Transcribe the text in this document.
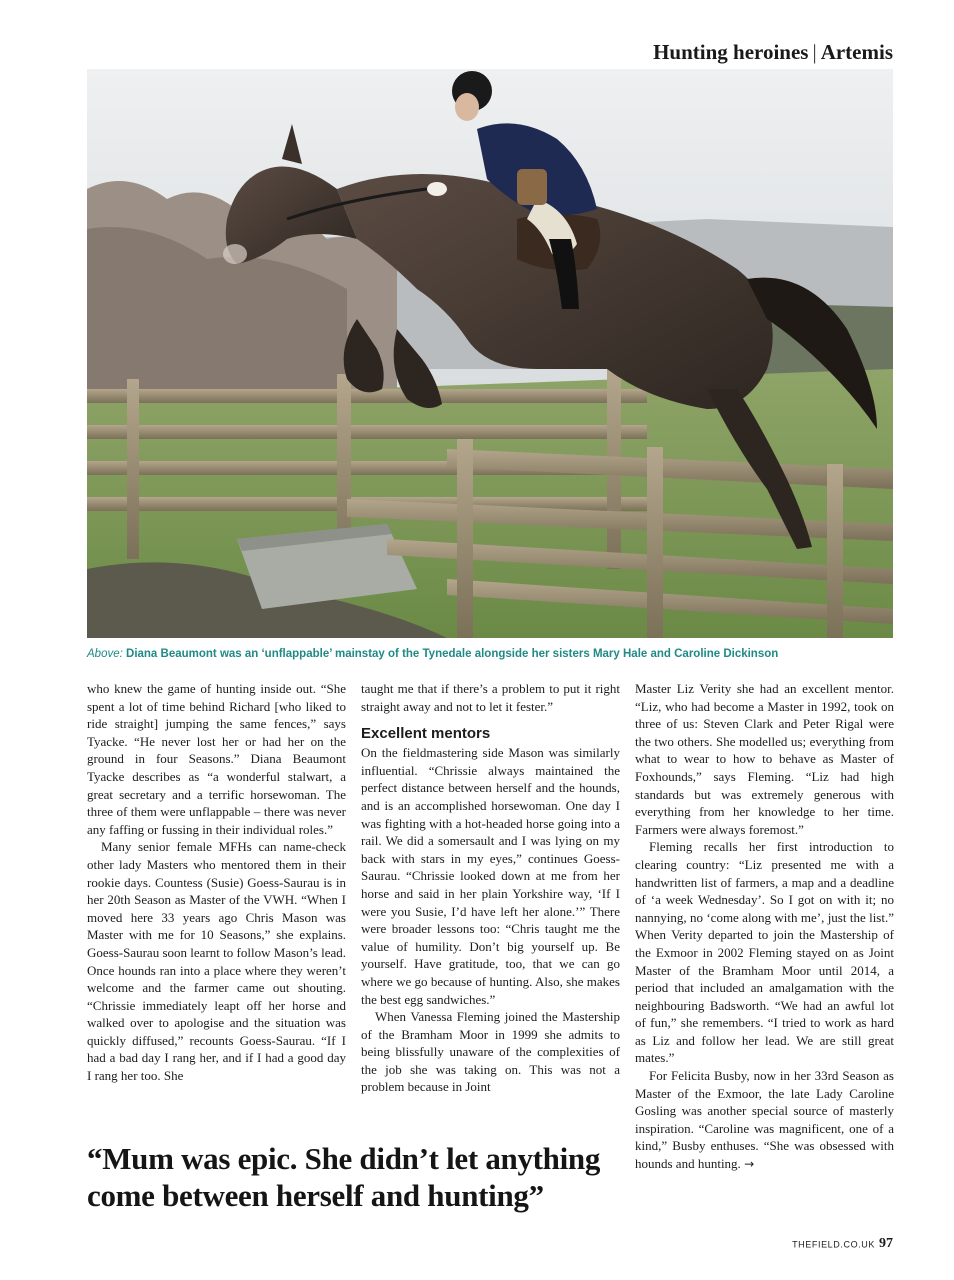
Hunting heroines | Artemis
Above: Diana Beaumont was an ‘unflappable’ mainstay of the Tynedale alongside her sisters Mary Hale and Caroline Dickinson

who knew the game of hunting inside out. “She spent a lot of time behind Richard [who liked to ride straight] jumping the same fences,” says Tyacke. “He never lost her or had her on the ground in four Seasons.” Diana Beaumont Tyacke describes as “a wonderful stalwart, a great secretary and a terrific horsewoman. The three of them were unflappable – there was never any faffing or fussing in their individual roles.”

Many senior female MFHs can name-check other lady Masters who mentored them in their rookie days. Countess (Susie) Goess-Saurau is in her 20th Season as Master of the VWH. “When I moved here 33 years ago Chris Mason was Master with me for 10 Seasons,” she explains. Goess-Saurau soon learnt to follow Mason’s lead. Once hounds ran into a place where they weren’t welcome and the farmer came out shouting. “Chrissie immediately leapt off her horse and walked over to apologise and the situation was quickly diffused,” recounts Goess-Saurau. “If I had a bad day I rang her, and if I had a good day I rang her too. She

taught me that if there’s a problem to put it right straight away and not to let it fester.”

Excellent mentors

On the fieldmastering side Mason was similarly influential. “Chrissie always maintained the perfect distance between herself and the hounds, and is an accomplished horsewoman. One day I was fighting with a hot-headed horse going into a rail. We did a somersault and I was lying on my back with stars in my eyes,” continues Goess-Saurau. “Chrissie looked down at me from her horse and said in her plain Yorkshire way, ‘If I were you Susie, I’d have left her alone.’” There were broader lessons too: “Chris taught me the value of humility. Don’t big yourself up. Be yourself. Have gratitude, too, that we can go where we go because of hunting. Also, she makes the best egg sandwiches.”

When Vanessa Fleming joined the Mastership of the Bramham Moor in 1999 she admits to being blissfully unaware of the complexities of the job she was taking on. This was not a problem because in Joint

Master Liz Verity she had an excellent mentor. “Liz, who had become a Master in 1992, took on three of us: Steven Clark and Peter Rigal were the two others. She modelled us; everything from what to wear to how to behave as Master of Foxhounds,” says Fleming. “Liz had high standards but was extremely generous with everything from her knowledge to her time. Farmers were always foremost.”

Fleming recalls her first introduction to clearing country: “Liz presented me with a handwritten list of farmers, a map and a deadline of ‘a week Wednesday’. So I got on with it; no nannying, no ‘come along with me’, just the list.” When Verity departed to join the Mastership of the Exmoor in 2002 Fleming stayed on as Joint Master of the Bramham Moor until 2014, a period that included an amalgamation with the neighbouring Badsworth. “We had an awful lot of fun,” she remembers. “I tried to work as hard as Liz and follow her lead. We are still great mates.”

For Felicita Busby, now in her 33rd Season as Master of the Exmoor, the late Lady Caroline Gosling was another special source of masterly inspiration. “Caroline was magnificent, one of a kind,” Busby enthuses. “She was obsessed with hounds and hunting. →

“Mum was epic. She didn’t let anything come between herself and hunting”
THEFIELD.CO.UK 97
